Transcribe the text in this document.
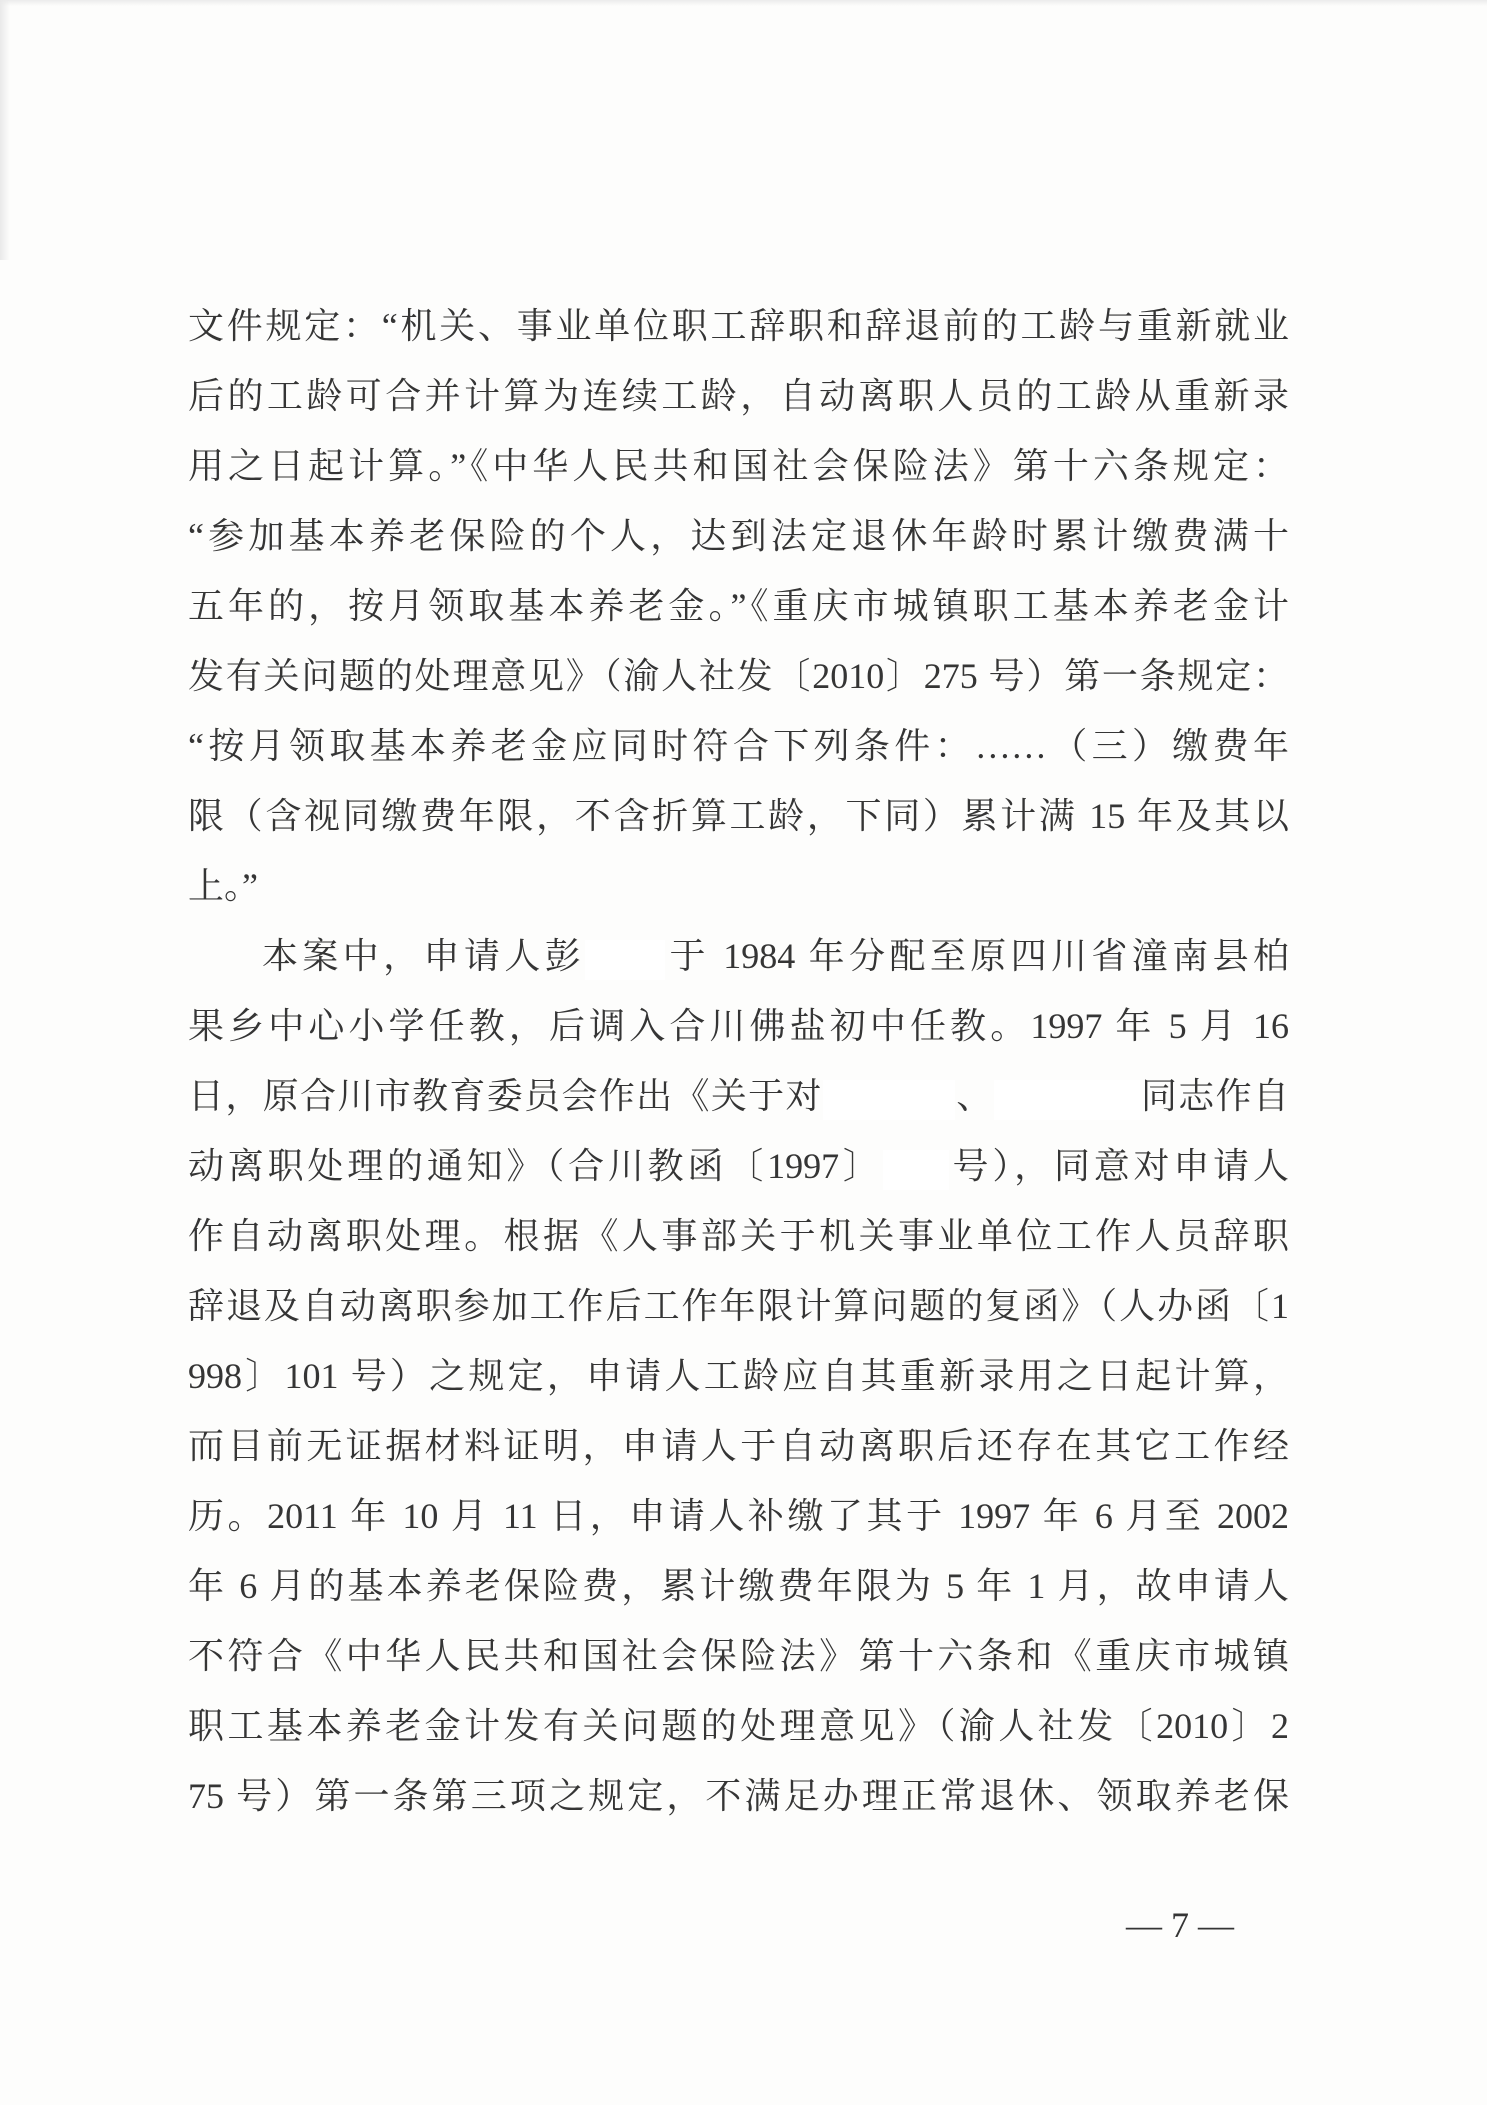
文件规定：“机关、事业单位职工辞职和辞退前的工龄与重新就业
后的工龄可合并计算为连续工龄，自动离职人员的工龄从重新录
用之日起计算。”《中华人民共和国社会保险法》第十六条规定：
“参加基本养老保险的个人，达到法定退休年龄时累计缴费满十
五年的，按月领取基本养老金。”《重庆市城镇职工基本养老金计
发有关问题的处理意见》（渝人社发〔2010〕275 号）第一条规定：
“按月领取基本养老金应同时符合下列条件：……（三）缴费年
限（含视同缴费年限，不含折算工龄，下同）累计满 15 年及其以
上。”
本案中，申请人彭 于 1984 年分配至原四川省潼南县柏
果乡中心小学任教，后调入合川佛盐初中任教。1997 年 5 月 16
日，原合川市教育委员会作出《关于对	、	同志作自
动离职处理的通知》（合川教函〔1997〕 号），同意对申请人
作自动离职处理。根据《人事部关于机关事业单位工作人员辞职
辞退及自动离职参加工作后工作年限计算问题的复函》（人办函〔1
998〕101 号）之规定，申请人工龄应自其重新录用之日起计算，
而目前无证据材料证明，申请人于自动离职后还存在其它工作经
历。2011 年 10 月 11 日，申请人补缴了其于 1997 年 6 月至 2002
年 6 月的基本养老保险费，累计缴费年限为 5 年 1 月，故申请人
不符合《中华人民共和国社会保险法》第十六条和《重庆市城镇
职工基本养老金计发有关问题的处理意见》（渝人社发〔2010〕2
75 号）第一条第三项之规定，不满足办理正常退休、领取养老保
— 7 —
